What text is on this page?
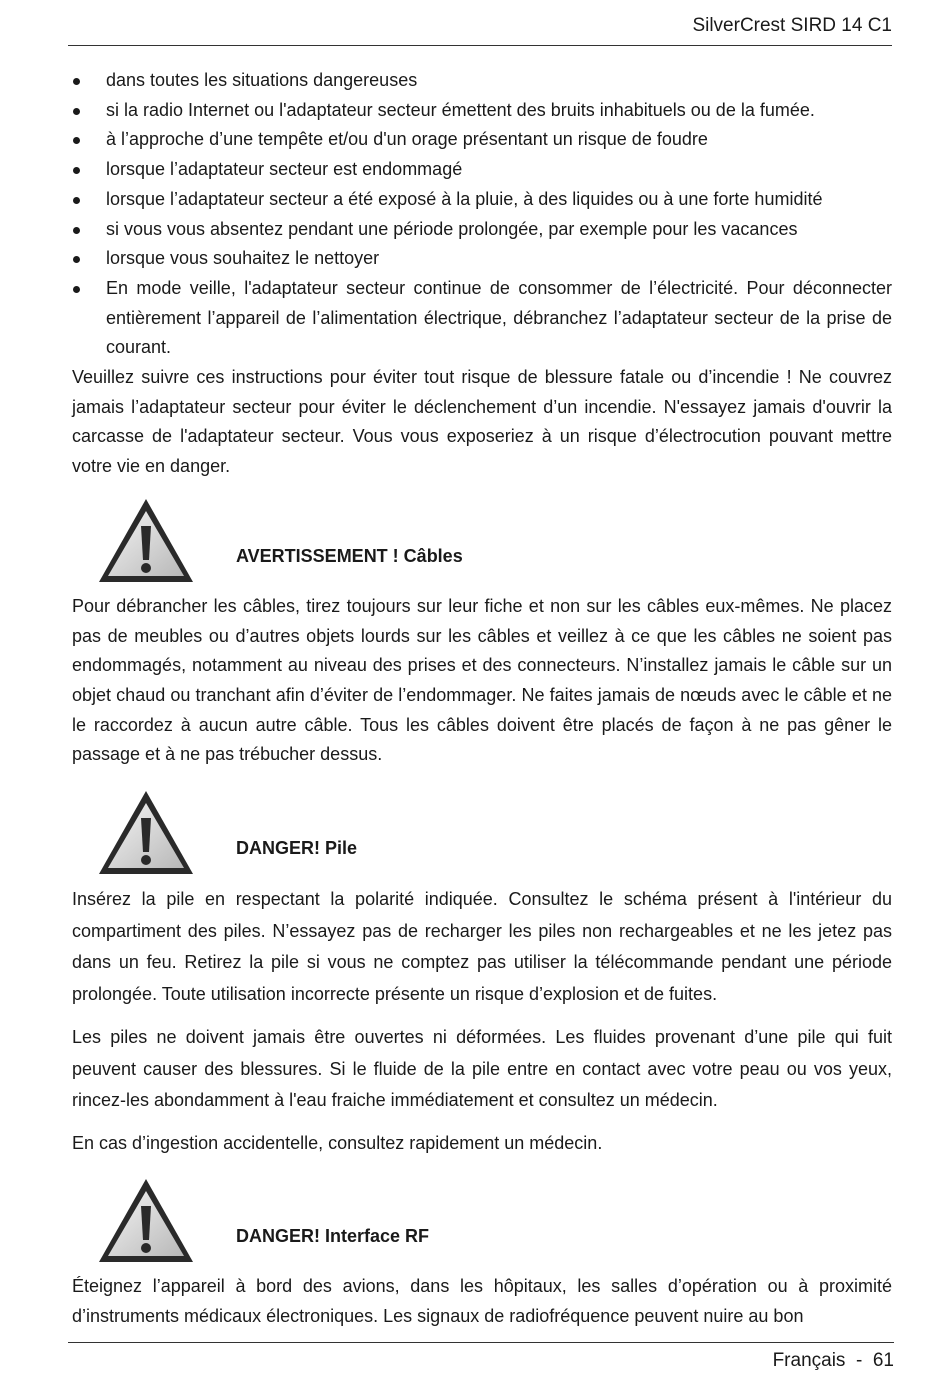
SilverCrest SIRD 14 C1
dans toutes les situations dangereuses
si la radio Internet ou l'adaptateur secteur émettent des bruits inhabituels ou de la fumée.
à l’approche d’une tempête et/ou d'un orage présentant un risque de foudre
lorsque l’adaptateur secteur est endommagé
lorsque l’adaptateur secteur a été exposé à la pluie, à des liquides ou à une forte humidité
si vous vous absentez pendant une période prolongée, par exemple pour les vacances
lorsque vous souhaitez le nettoyer
En mode veille, l'adaptateur secteur continue de consommer de l’électricité. Pour déconnecter entièrement l’appareil de l’alimentation électrique, débranchez l’adaptateur secteur de la prise de courant.

Veuillez suivre ces instructions pour éviter tout risque de blessure fatale ou d’incendie ! Ne couvrez jamais l’adaptateur secteur pour éviter le déclenchement d’un incendie. N'essayez jamais d'ouvrir la carcasse de l'adaptateur secteur. Vous vous exposeriez à un risque d’électrocution pouvant mettre votre vie en danger.

AVERTISSEMENT ! Câbles

Pour débrancher les câbles, tirez toujours sur leur fiche et non sur les câbles eux-mêmes. Ne placez pas de meubles ou d’autres objets lourds sur les câbles et veillez à ce que les câbles ne soient pas endommagés, notamment au niveau des prises et des connecteurs. N’installez jamais le câble sur un objet chaud ou tranchant afin d’éviter de l’endommager. Ne faites jamais de nœuds avec le câble et ne le raccordez à aucun autre câble. Tous les câbles doivent être placés de façon à ne pas gêner le passage et à ne pas trébucher dessus.

DANGER! Pile

Insérez la pile en respectant la polarité indiquée. Consultez le schéma présent à l'intérieur du compartiment des piles. N’essayez pas de recharger les piles non rechargeables et ne les jetez pas dans un feu. Retirez la pile si vous ne comptez pas utiliser la télécommande pendant une période prolongée. Toute utilisation incorrecte présente un risque d’explosion et de fuites.

Les piles ne doivent jamais être ouvertes ni déformées. Les fluides provenant d’une pile qui fuit peuvent causer des blessures. Si le fluide de la pile entre en contact avec votre peau ou vos yeux, rincez-les abondamment à l'eau fraiche immédiatement et consultez un médecin.

En cas d’ingestion accidentelle, consultez rapidement un médecin.

DANGER! Interface RF

Éteignez l’appareil à bord des avions, dans les hôpitaux, les salles d’opération ou à proximité d’instruments médicaux électroniques. Les signaux de radiofréquence peuvent nuire au bon

Français  -  61
